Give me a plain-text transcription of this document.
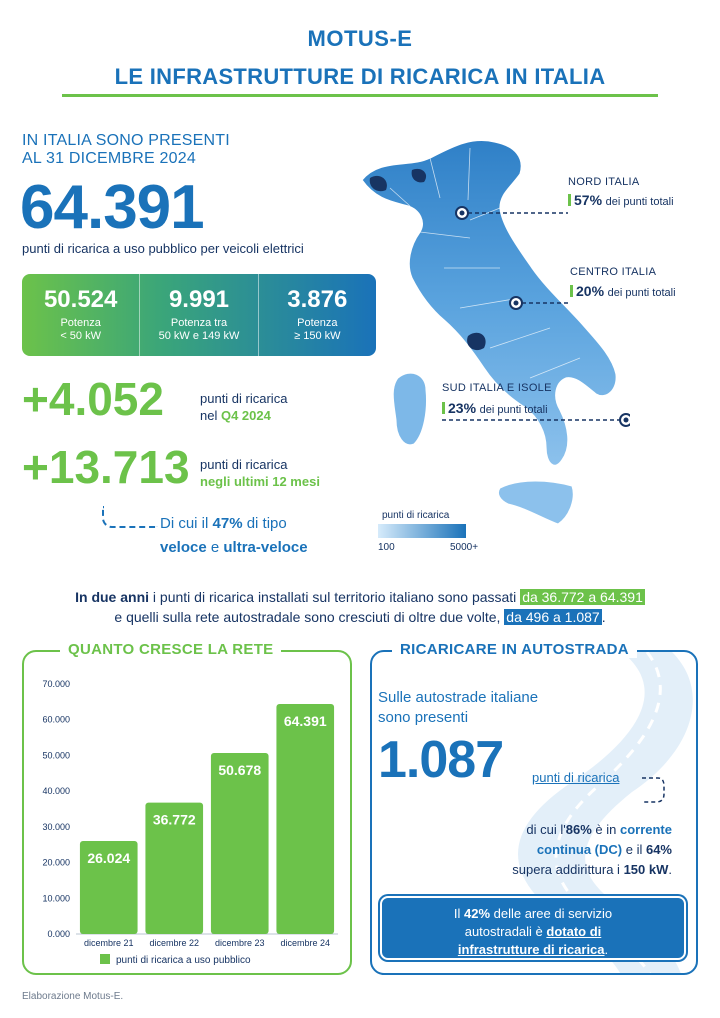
MOTUS-E
LE INFRASTRUTTURE DI RICARICA IN ITALIA
IN ITALIA SONO PRESENTI
AL 31 DICEMBRE 2024
64.391
punti di ricarica a uso pubblico per veicoli elettrici
50.524
Potenza
< 50 kW
9.991
Potenza tra
50 kW e 149 kW
3.876
Potenza
≥ 150 kW
+4.052	punti di ricarica
nel Q4 2024
+13.713 punti di ricarica
negli ultimi 12 mesi
Di cui il 47% di tipo
veloce e ultra-veloce
NORD ITALIA
57% dei punti totali
CENTRO ITALIA
20% dei punti totali
SUD ITALIA E ISOLE
23% dei punti totali
punti di ricarica
100	5000+
In due anni i punti di ricarica installati sul territorio italiano sono passati da 36.772 a 64.391
e quelli sulla rete autostradale sono cresciuti di oltre due volte, da 496 a 1.087 .
QUANTO CRESCE LA RETE
0.000
10.000
20.000
30.000
40.000
50.000
60.000
70.000
26.024
dicembre 21
36.772
dicembre 22
50.678
dicembre 23
64.391
dicembre 24
punti di ricarica a uso pubblico
RICARICARE IN AUTOSTRADA
Sulle autostrade italiane
sono presenti
1.087 punti di ricarica
di cui l'86% è in corrente
continua (DC) e il 64%
supera addirittura i 150 kW.
Il 42% delle aree di servizio
autostradali è dotato di
infrastrutture di ricarica.
Elaborazione Motus-E.
